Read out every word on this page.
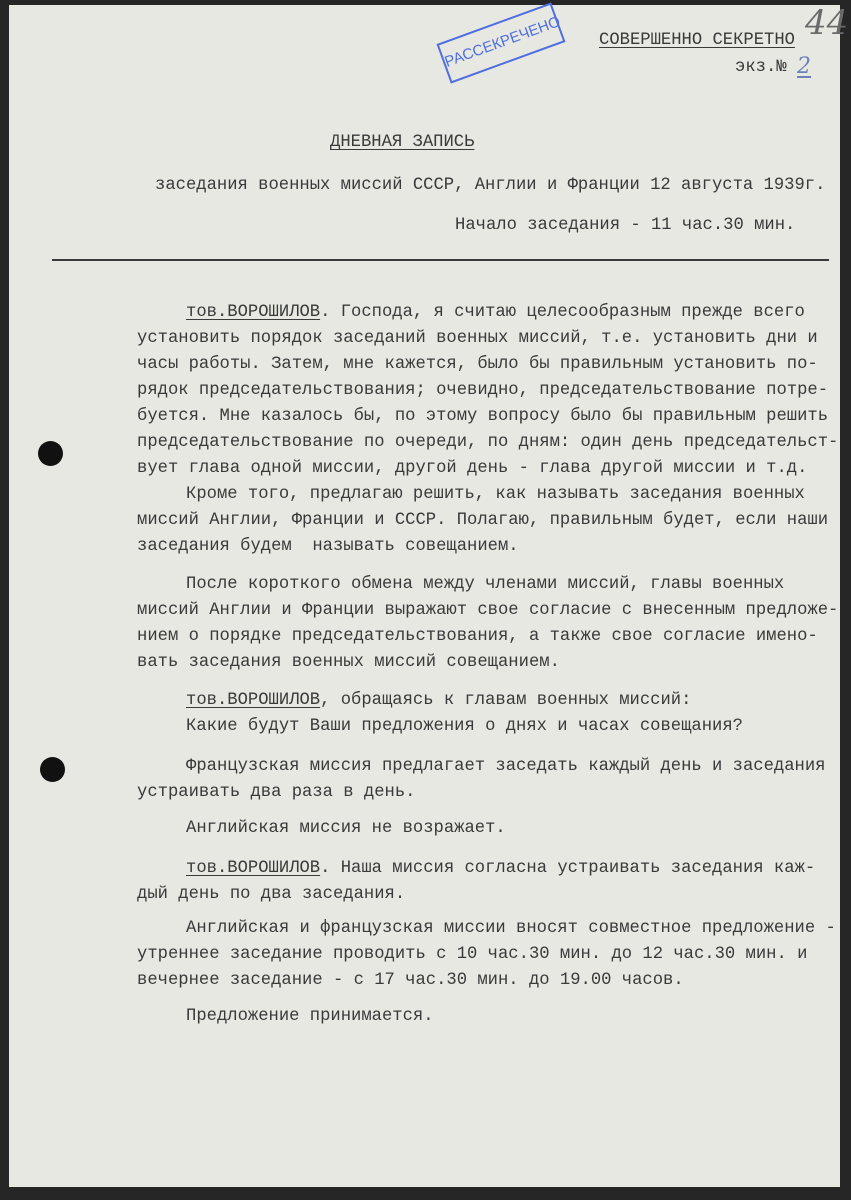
СОВЕРШЕННО СЕКРЕТНО 44
экз.№ 2
РАССЕКРЕЧЕНО
ДНЕВНАЯ ЗАПИСЬ
заседания военных миссий СССР, Англии и Франции 12 августа 1939г.
Начало заседания - 11 час.30 мин.
тов.ВОРОШИЛОВ. Господа, я считаю целесообразным прежде всего
установить порядок заседаний военных миссий, т.е. установить дни и
часы работы. Затем, мне кажется, было бы правильным установить по-
рядок председательствования; очевидно, председательствование потре-
буется. Мне казалось бы, по этому вопросу было бы правильным решить
председательствование по очереди, по дням: один день председательст-
вует глава одной миссии, другой день - глава другой миссии и т.д.
Кроме того, предлагаю решить, как называть заседания военных
миссий Англии, Франции и СССР. Полагаю, правильным будет, если наши
заседания будем  называть совещанием.
После короткого обмена между членами миссий, главы военных
миссий Англии и Франции выражают свое согласие с внесенным предложе-
нием о порядке председательствования, а также свое согласие имено-
вать заседания военных миссий совещанием.
тов.ВОРОШИЛОВ, обращаясь к главам военных миссий:
Какие будут Ваши предложения о днях и часах совещания?
Французская миссия предлагает заседать каждый день и заседания
устраивать два раза в день.
Английская миссия не возражает.
тов.ВОРОШИЛОВ. Наша миссия согласна устраивать заседания каж-
дый день по два заседания.
Английская и французская миссии вносят совместное предложение -
утреннее заседание проводить с 10 час.30 мин. до 12 час.30 мин. и
вечернее заседание - с 17 час.30 мин. до 19.00 часов.
Предложение принимается.
